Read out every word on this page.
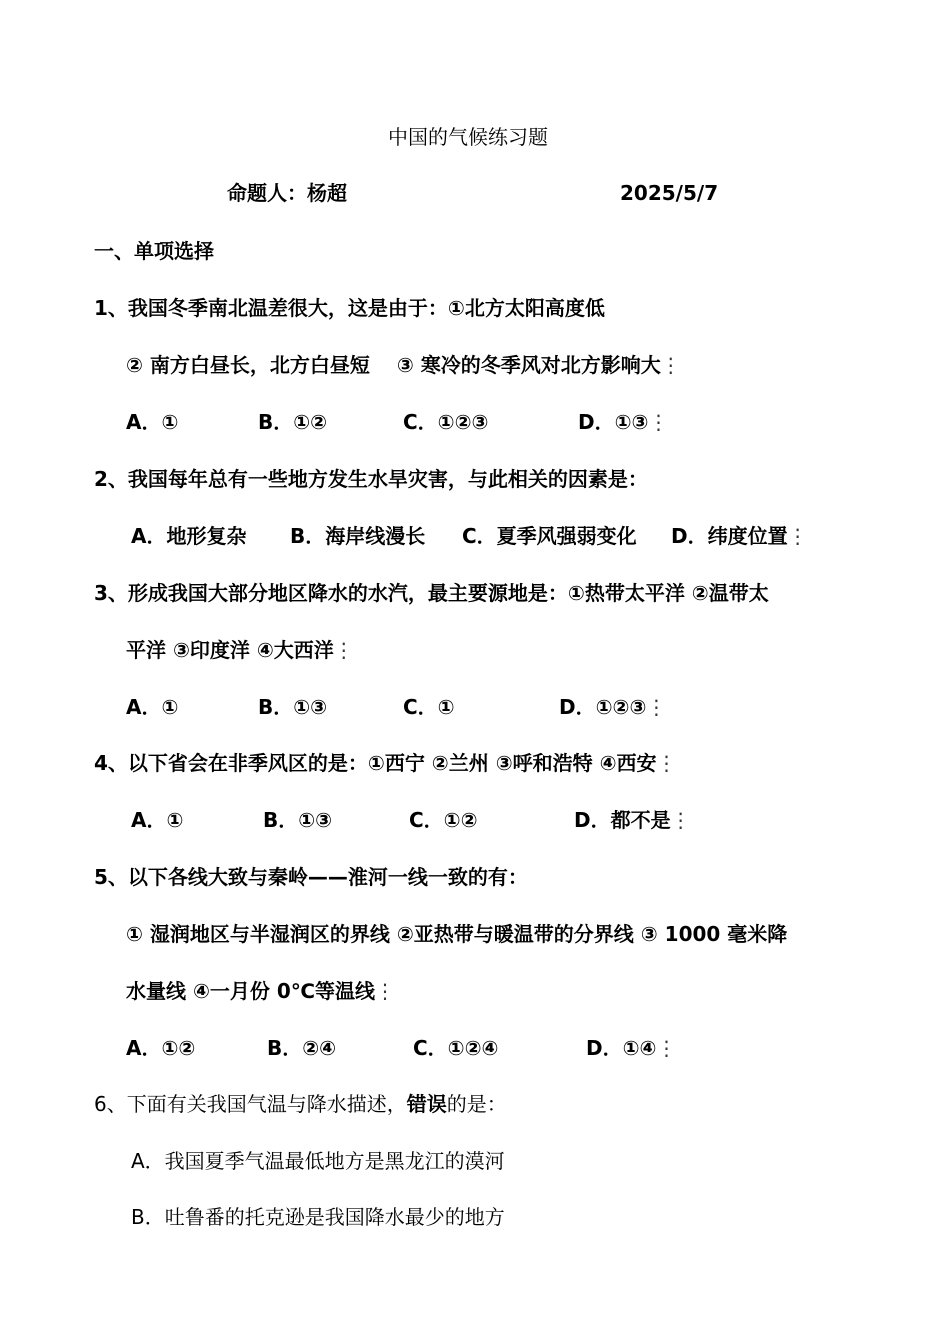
中国的气候练习题
命题人：杨超	2025/5/7
一、单项选择
1、我国冬季南北温差很大，这是由于：①北方太阳高度低
② 南方白昼长，北方白昼短　 ③ 寒冷的冬季风对北方影响大⋮
A．①	B．①②	C．①②③	D．①③⋮
2、我国每年总有一些地方发生水旱灾害，与此相关的因素是：
A．地形复杂 B．海岸线漫长 C．夏季风强弱变化 D．纬度位置⋮
3、形成我国大部分地区降水的水汽，最主要源地是：①热带太平洋 ②温带太
平洋 ③印度洋 ④大西洋⋮
A．①	B．①③	C．①	D．①②③⋮
4、以下省会在非季风区的是：①西宁 ②兰州 ③呼和浩特 ④西安⋮
A．①	B．①③	C．①②	D．都不是⋮
5、以下各线大致与秦岭——淮河一线一致的有：
① 湿润地区与半湿润区的界线 ②亚热带与暖温带的分界线 ③ 1000 毫米降
水量线 ④一月份 0℃等温线⋮
A．①②	B．②④	C．①②④	D．①④⋮
6、下面有关我国气温与降水描述，错误的是：
A．我国夏季气温最低地方是黑龙江的漠河
B．吐鲁番的托克逊是我国降水最少的地方
